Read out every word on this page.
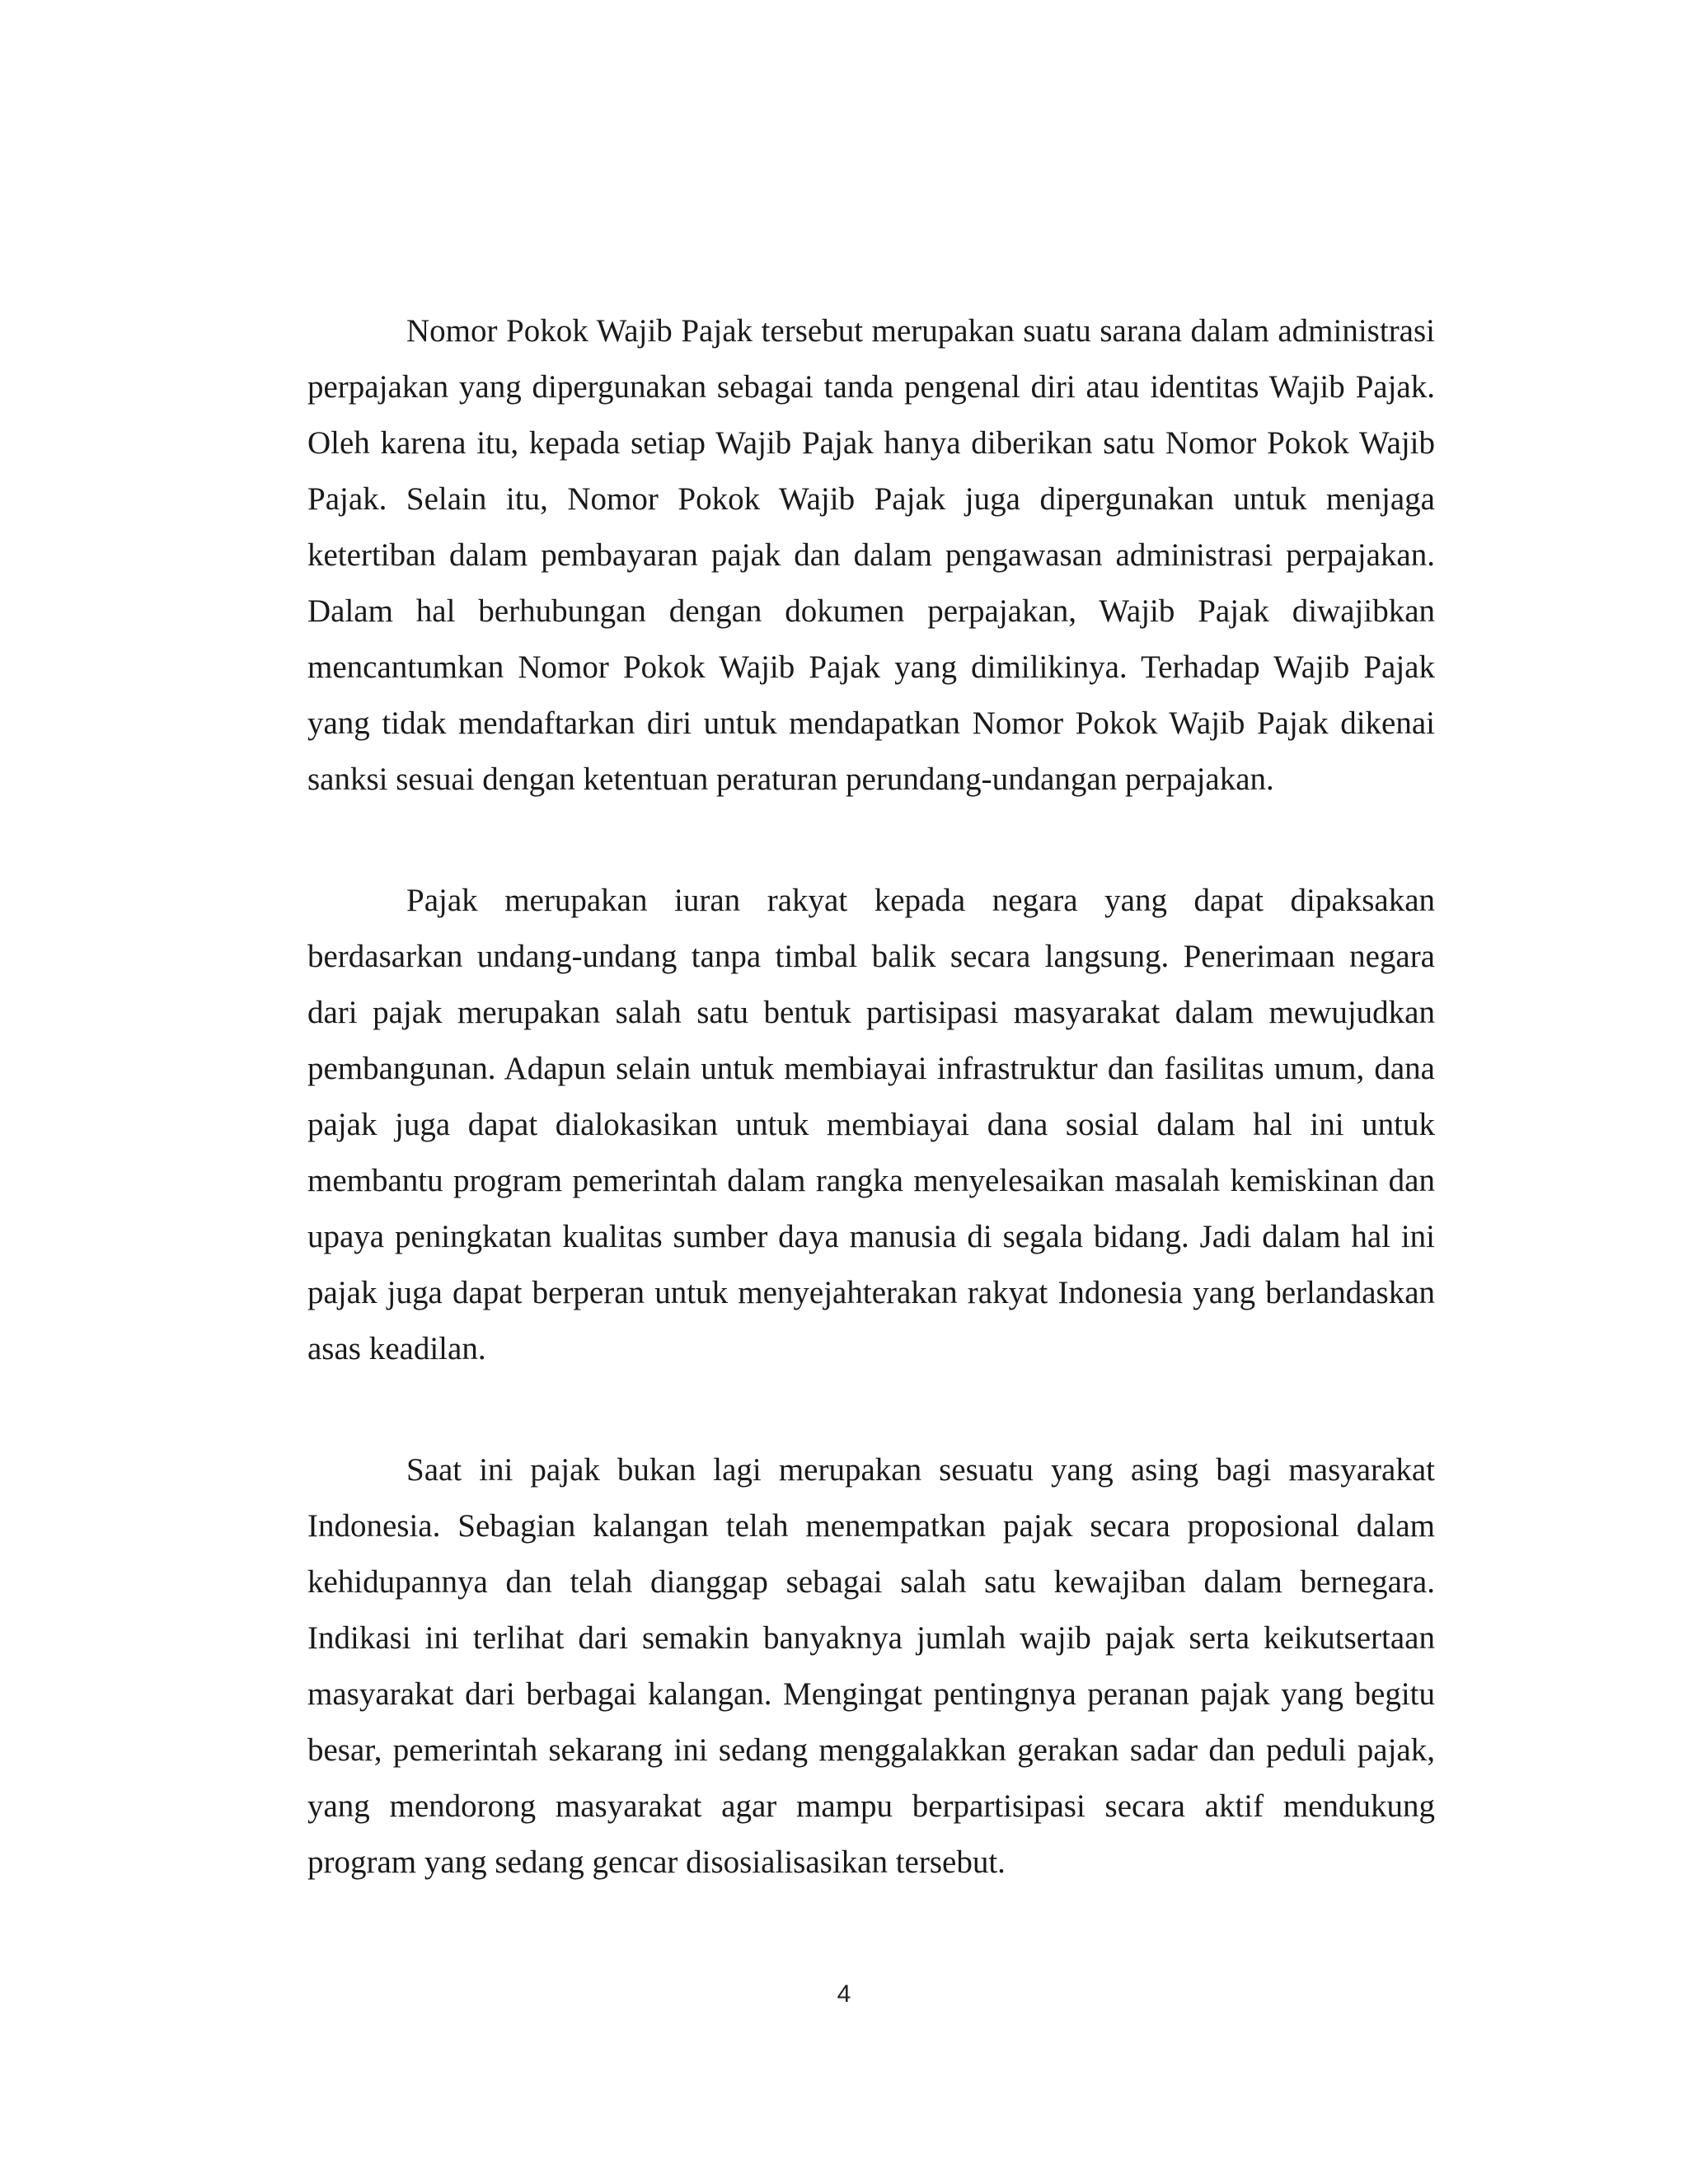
Nomor Pokok Wajib Pajak tersebut merupakan suatu sarana dalam administrasi perpajakan yang dipergunakan sebagai tanda pengenal diri atau identitas Wajib Pajak. Oleh karena itu, kepada setiap Wajib Pajak hanya diberikan satu Nomor Pokok Wajib Pajak. Selain itu, Nomor Pokok Wajib Pajak juga dipergunakan untuk menjaga ketertiban dalam pembayaran pajak dan dalam pengawasan administrasi perpajakan. Dalam hal berhubungan dengan dokumen perpajakan, Wajib Pajak diwajibkan mencantumkan Nomor Pokok Wajib Pajak yang dimilikinya. Terhadap Wajib Pajak yang tidak mendaftarkan diri untuk mendapatkan Nomor Pokok Wajib Pajak dikenai sanksi sesuai dengan ketentuan peraturan perundang-undangan perpajakan.

Pajak merupakan iuran rakyat kepada negara yang dapat dipaksakan berdasarkan undang-undang tanpa timbal balik secara langsung. Penerimaan negara dari pajak merupakan salah satu bentuk partisipasi masyarakat dalam mewujudkan pembangunan. Adapun selain untuk membiayai infrastruktur dan fasilitas umum, dana pajak juga dapat dialokasikan untuk membiayai dana sosial dalam hal ini untuk membantu program pemerintah dalam rangka menyelesaikan masalah kemiskinan dan upaya peningkatan kualitas sumber daya manusia di segala bidang. Jadi dalam hal ini pajak juga dapat berperan untuk menyejahterakan rakyat Indonesia yang berlandaskan asas keadilan.

Saat ini pajak bukan lagi merupakan sesuatu yang asing bagi masyarakat Indonesia. Sebagian kalangan telah menempatkan pajak secara proposional dalam kehidupannya dan telah dianggap sebagai salah satu kewajiban dalam bernegara. Indikasi ini terlihat dari semakin banyaknya jumlah wajib pajak serta keikutsertaan masyarakat dari berbagai kalangan. Mengingat pentingnya peranan pajak yang begitu besar, pemerintah sekarang ini sedang menggalakkan gerakan sadar dan peduli pajak, yang mendorong masyarakat agar mampu berpartisipasi secara aktif mendukung program yang sedang gencar disosialisasikan tersebut.

4
